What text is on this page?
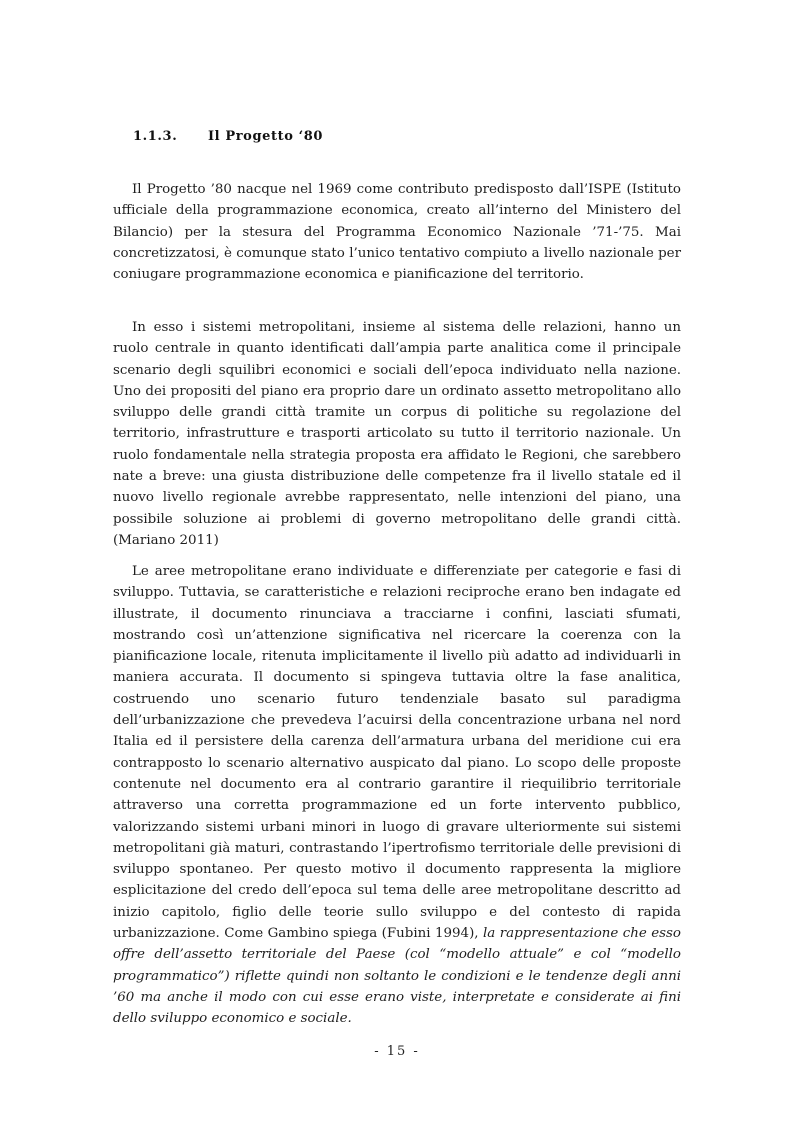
1.1.3. Il Progetto ‘80

Il Progetto ’80 nacque nel 1969 come contributo predisposto dall’ISPE (Istituto ufficiale della programmazione economica, creato all’interno del Ministero del Bilancio) per la stesura del Programma Economico Nazionale ’71-’75. Mai concretizzatosi, è comunque stato l’unico tentativo compiuto a livello nazionale per coniugare programmazione economica e pianificazione del territorio.

In esso i sistemi metropolitani, insieme al sistema delle relazioni, hanno un ruolo centrale in quanto identificati dall’ampia parte analitica come il principale scenario degli squilibri economici e sociali dell’epoca individuato nella nazione. Uno dei propositi del piano era proprio dare un ordinato assetto metropolitano allo sviluppo delle grandi città tramite un corpus di politiche su regolazione del territorio, infrastrutture e trasporti articolato su tutto il territorio nazionale. Un ruolo fondamentale nella strategia proposta era affidato le Regioni, che sarebbero nate a breve: una giusta distribuzione delle competenze fra il livello statale ed il nuovo livello regionale avrebbe rappresentato, nelle intenzioni del piano, una possibile soluzione ai problemi di governo metropolitano delle grandi città. (Mariano 2011)

Le aree metropolitane erano individuate e differenziate per categorie e fasi di sviluppo. Tuttavia, se caratteristiche e relazioni reciproche erano ben indagate ed illustrate, il documento rinunciava a tracciarne i confini, lasciati sfumati, mostrando così un’attenzione significativa nel ricercare la coerenza con la pianificazione locale, ritenuta implicitamente il livello più adatto ad individuarli in maniera accurata. Il documento si spingeva tuttavia oltre la fase analitica, costruendo uno scenario futuro tendenziale basato sul paradigma dell’urbanizzazione che prevedeva l’acuirsi della concentrazione urbana nel nord Italia ed il persistere della carenza dell’armatura urbana del meridione cui era contrapposto lo scenario alternativo auspicato dal piano. Lo scopo delle proposte contenute nel documento era al contrario garantire il riequilibrio territoriale attraverso una corretta programmazione ed un forte intervento pubblico, valorizzando sistemi urbani minori in luogo di gravare ulteriormente sui sistemi metropolitani già maturi, contrastando l’ipertrofismo territoriale delle previsioni di sviluppo spontaneo. Per questo motivo il documento rappresenta la migliore esplicitazione del credo dell’epoca sul tema delle aree metropolitane descritto ad inizio capitolo, figlio delle teorie sullo sviluppo e del contesto di rapida urbanizzazione. Come Gambino spiega (Fubini 1994), la rappresentazione che esso offre dell’assetto territoriale del Paese (col “modello attuale” e col “modello programmatico”) riflette quindi non soltanto le condizioni e le tendenze degli anni ’60 ma anche il modo con cui esse erano viste, interpretate e considerate ai fini dello sviluppo economico e sociale.

- 15 -
